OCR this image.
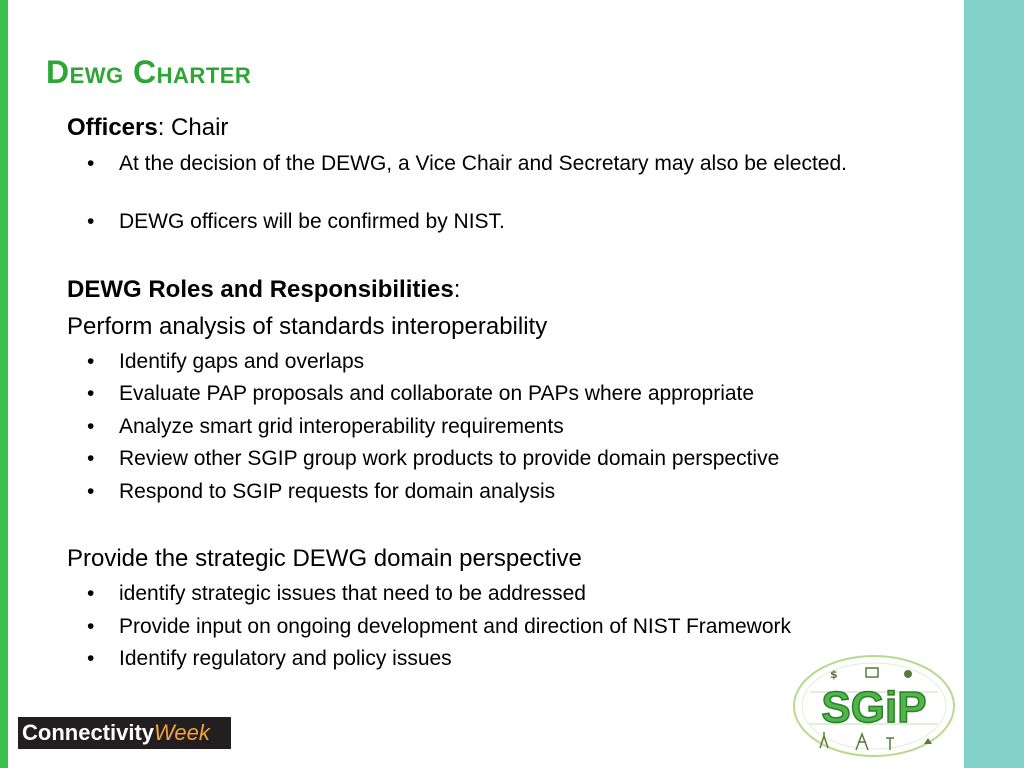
Dewg Charter
Officers: Chair
• At the decision of the DEWG, a Vice Chair and Secretary may also be elected.
• DEWG officers will be confirmed by NIST.
DEWG Roles and Responsibilities:
Perform analysis of standards interoperability
• Identify gaps and overlaps
• Evaluate PAP proposals and collaborate on PAPs where appropriate
• Analyze smart grid interoperability requirements
• Review other SGIP group work products to provide domain perspective
• Respond to SGIP requests for domain analysis
Provide the strategic DEWG domain perspective
• identify strategic issues that need to be addressed
• Provide input on ongoing development and direction of NIST Framework
• Identify regulatory and policy issues
ConnectivityWeek
$
SGiP
